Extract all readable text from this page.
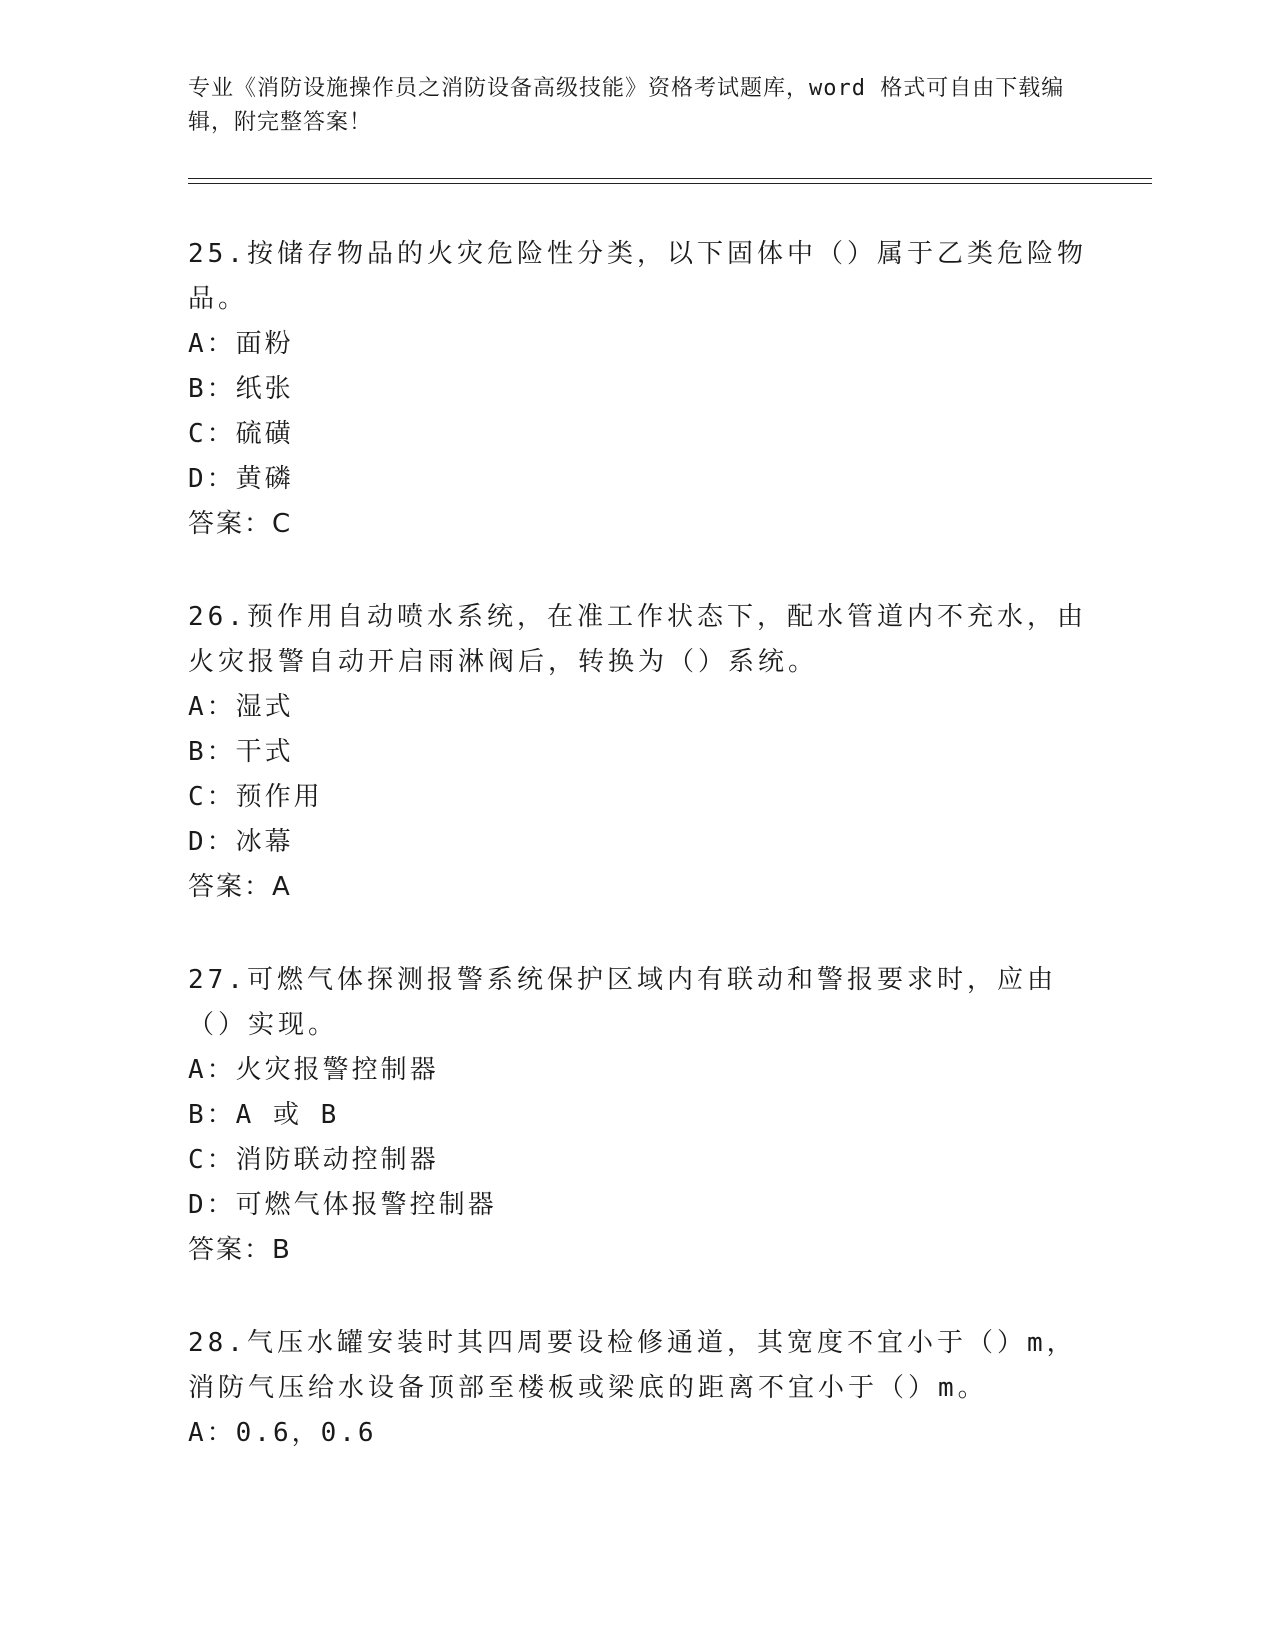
专业《消防设施操作员之消防设备高级技能》资格考试题库，word 格式可自由下载编辑，附完整答案！

25.按储存物品的火灾危险性分类，以下固体中（）属于乙类危险物品。

A：面粉

B：纸张

C：硫磺

D：黄磷

答案：C

26.预作用自动喷水系统，在准工作状态下，配水管道内不充水，由火灾报警自动开启雨淋阀后，转换为（）系统。

A：湿式

B：干式

C：预作用

D：冰幕

答案：A

27.可燃气体探测报警系统保护区域内有联动和警报要求时，应由（）实现。

A：火灾报警控制器

B：A 或 B

C：消防联动控制器

D：可燃气体报警控制器

答案：B

28.气压水罐安装时其四周要设检修通道，其宽度不宜小于（）m，消防气压给水设备顶部至楼板或梁底的距离不宜小于（）m。

A：0.6，0.6
